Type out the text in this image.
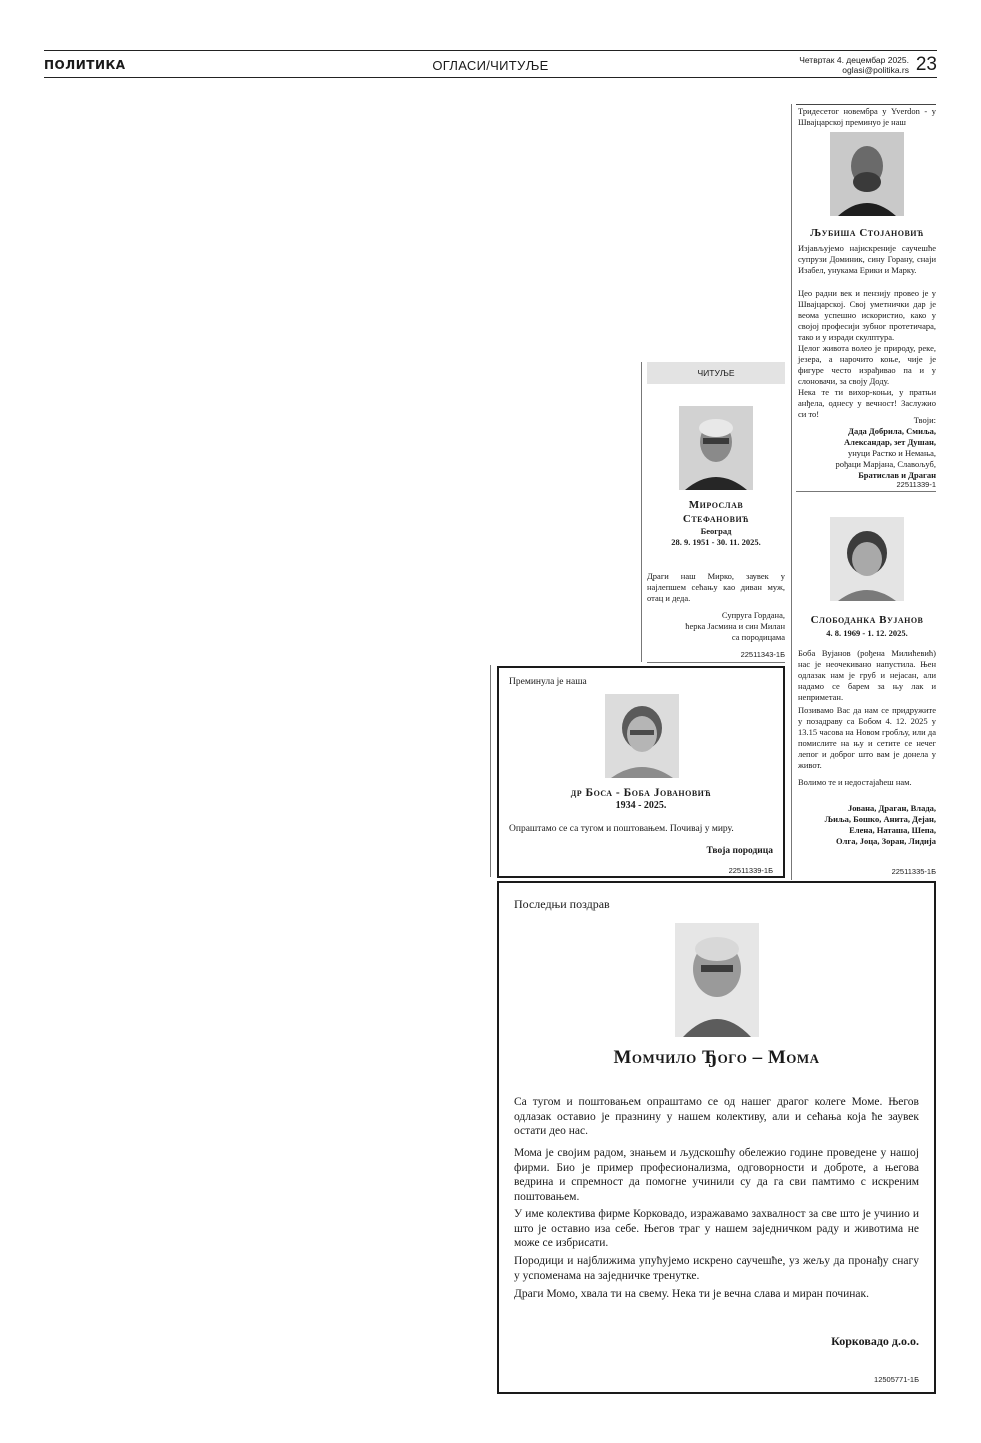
ПОЛИТИКА	ОГЛАСИ/ЧИТУЉЕ	Четвртак 4. децембар 2025.
oglasi@politika.rs 23
Тридесетог новембра у Yverdon - у Швајцарској преминуо је наш
Љубиша Стојановић
Изјављујемо најискреније саучешће супрузи Доминик, сину Горану, снаји Изабел, унукама Ерики и Марку.
Цео радни век и пензију провео је у Швајцарској. Свој уметнички дар је веома успешно искористио, како у својој професији зубног протетичара, тако и у изради скулптура.
Целог живота волео је природу, реке, језера, а нарочито коње, чије је фигуре често израђивао па и у слоновачи, за своју Доду.
Нека те ти вихор-коњи, у пратњи анђела, однесу у вечност! Заслужио си то!
Твоји:
Дада Добрила, Смиља,
Александар, зет Душан,
унуци Растко и Немања,
рођаци Марјана, Славољуб,
Братислав и Драган
22511339-1
ЧИТУЉЕ
Мирослав
Стефановић
Београд
28. 9. 1951 - 30. 11. 2025.
Драги наш Мирко, заувек у најлепшем сећању као диван муж, отац и деда.
Супруга Гордана,
ћерка Јасмина и син Милан
са породицама
22511343-1Б
Слободанка Вујанов
4. 8. 1969 - 1. 12. 2025.
Боба Вујанов (рођена Милићевић) нас је неочекивано напустила. Њен одлазак нам је груб и нејасан, али надамо се барем за њу лак и неприметан.
Позивамо Вас да нам се придружите у позадраву са Бобом 4. 12. 2025 у 13.15 часова на Новом гробљу, или да помислите на њу и сетите се нечег лепог и доброг што вам је донела у живот.
Волимо те и недостајаћеш нам.
Јована, Драган, Влада,
Љиља, Бошко, Анита, Дејан,
Елена, Наташа, Шепа,
Олга, Јоца, Зоран, Лидија
22511335-1Б
Преминула је наша
др Боса - Боба Јовановић
1934 - 2025.
Опраштамо се са тугом и поштовањем. Почивај у миру.
Твоја породица
22511339-1Б
Последњи поздрав
Момчило Ђого – Мома
Са тугом и поштовањем опраштамо се од нашег драгог колеге Моме. Његов одлазак оставио је празнину у нашем колективу, али и сећања која ће заувек остати део нас.
Мома је својим радом, знањем и људскошћу обележио године проведене у нашој фирми. Био је пример професионализма, одговорности и доброте, а његова ведрина и спремност да помогне учинили су да га сви памтимо с искреним поштовањем.
У име колектива фирме Корковадо, изражавамо захвалност за све што је учинио и што је оставио иза себе. Његов траг у нашем заједничком раду и животима не може се избрисати.
Породици и најближима упућујемо искрено саучешће, уз жељу да пронађу снагу у успоменама на заједничке тренутке.
Драги Момо, хвала ти на свему. Нека ти је вечна слава и миран починак.
Корковадо д.о.о.
12505771-1Б
